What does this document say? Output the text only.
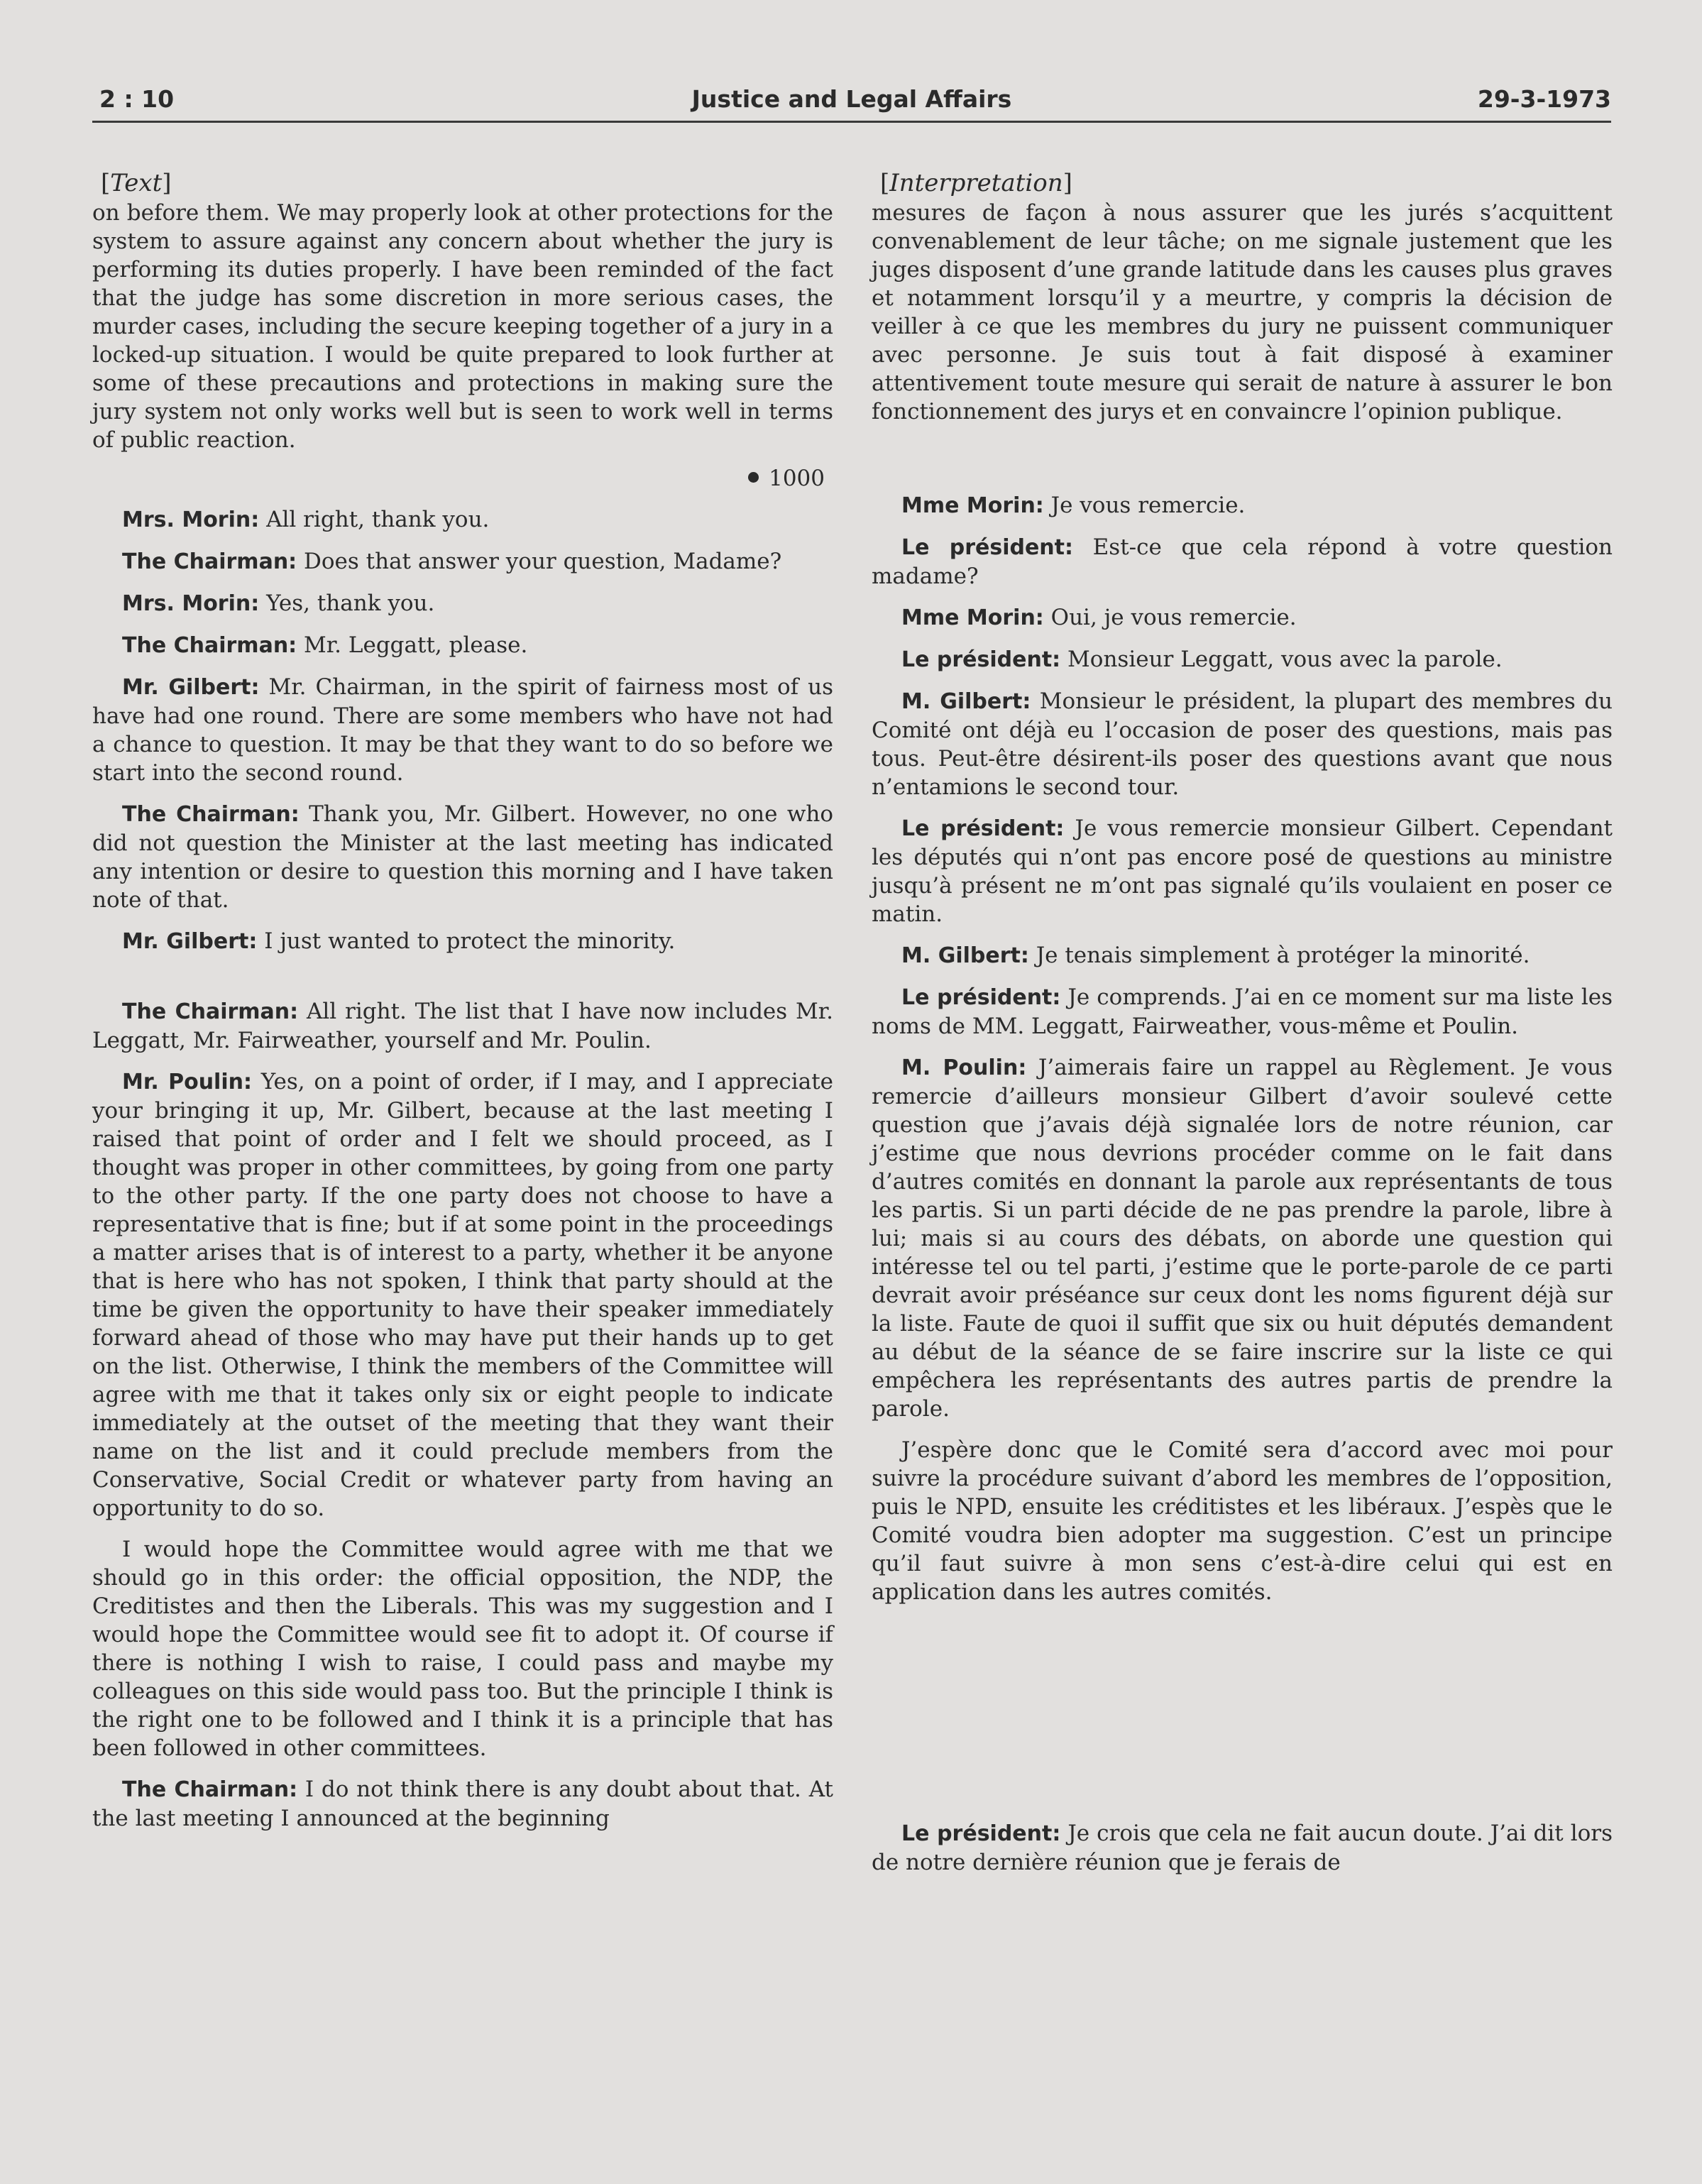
2 : 10	Justice and Legal Affairs	29-3-1973
[Text]

on before them. We may properly look at other protections for the system to assure against any concern about whether the jury is performing its duties properly. I have been reminded of the fact that the judge has some discretion in more serious cases, the murder cases, including the secure keeping together of a jury in a locked-up situation. I would be quite prepared to look further at some of these precautions and protections in making sure the jury system not only works well but is seen to work well in terms of public reaction.

1000

Mrs. Morin: All right, thank you.

The Chairman: Does that answer your question, Madame?

Mrs. Morin: Yes, thank you.

The Chairman: Mr. Leggatt, please.

Mr. Gilbert: Mr. Chairman, in the spirit of fairness most of us have had one round. There are some members who have not had a chance to question. It may be that they want to do so before we start into the second round.

The Chairman: Thank you, Mr. Gilbert. However, no one who did not question the Minister at the last meeting has indicated any intention or desire to question this morning and I have taken note of that.

Mr. Gilbert: I just wanted to protect the minority.

The Chairman: All right. The list that I have now includes Mr. Leggatt, Mr. Fairweather, yourself and Mr. Poulin.

Mr. Poulin: Yes, on a point of order, if I may, and I appreciate your bringing it up, Mr. Gilbert, because at the last meeting I raised that point of order and I felt we should proceed, as I thought was proper in other committees, by going from one party to the other party. If the one party does not choose to have a representative that is fine; but if at some point in the proceedings a matter arises that is of interest to a party, whether it be anyone that is here who has not spoken, I think that party should at the time be given the opportunity to have their speaker immediately forward ahead of those who may have put their hands up to get on the list. Otherwise, I think the members of the Committee will agree with me that it takes only six or eight people to indicate immediately at the outset of the meeting that they want their name on the list and it could preclude members from the Conservative, Social Credit or whatever party from having an opportunity to do so.

I would hope the Committee would agree with me that we should go in this order: the official opposition, the NDP, the Creditistes and then the Liberals. This was my suggestion and I would hope the Committee would see fit to adopt it. Of course if there is nothing I wish to raise, I could pass and maybe my colleagues on this side would pass too. But the principle I think is the right one to be followed and I think it is a principle that has been followed in other committees.

The Chairman: I do not think there is any doubt about that. At the last meeting I announced at the beginning

[Interpretation]

mesures de façon à nous assurer que les jurés s’acquittent convenablement de leur tâche; on me signale justement que les juges disposent d’une grande latitude dans les causes plus graves et notamment lorsqu’il y a meurtre, y compris la décision de veiller à ce que les membres du jury ne puissent communiquer avec personne. Je suis tout à fait disposé à examiner attentivement toute mesure qui serait de nature à assurer le bon fonctionnement des jurys et en convaincre l’opinion publique.

Mme Morin: Je vous remercie.

Le président: Est-ce que cela répond à votre question madame?

Mme Morin: Oui, je vous remercie.

Le président: Monsieur Leggatt, vous avec la parole.

M. Gilbert: Monsieur le président, la plupart des membres du Comité ont déjà eu l’occasion de poser des questions, mais pas tous. Peut-être désirent-ils poser des questions avant que nous n’entamions le second tour.

Le président: Je vous remercie monsieur Gilbert. Cependant les députés qui n’ont pas encore posé de questions au ministre jusqu’à présent ne m’ont pas signalé qu’ils voulaient en poser ce matin.

M. Gilbert: Je tenais simplement à protéger la minorité.

Le président: Je comprends. J’ai en ce moment sur ma liste les noms de MM. Leggatt, Fairweather, vous-même et Poulin.

M. Poulin: J’aimerais faire un rappel au Règlement. Je vous remercie d’ailleurs monsieur Gilbert d’avoir soulevé cette question que j’avais déjà signalée lors de notre réunion, car j’estime que nous devrions procéder comme on le fait dans d’autres comités en donnant la parole aux représentants de tous les partis. Si un parti décide de ne pas prendre la parole, libre à lui; mais si au cours des débats, on aborde une question qui intéresse tel ou tel parti, j’estime que le porte-parole de ce parti devrait avoir préséance sur ceux dont les noms figurent déjà sur la liste. Faute de quoi il suffit que six ou huit députés demandent au début de la séance de se faire inscrire sur la liste ce qui empêchera les représentants des autres partis de prendre la parole.

J’espère donc que le Comité sera d’accord avec moi pour suivre la procédure suivant d’abord les membres de l’opposition, puis le NPD, ensuite les créditistes et les libéraux. J’espès que le Comité voudra bien adopter ma suggestion. C’est un principe qu’il faut suivre à mon sens c’est-à-dire celui qui est en application dans les autres comités.

Le président: Je crois que cela ne fait aucun doute. J’ai dit lors de notre dernière réunion que je ferais de
